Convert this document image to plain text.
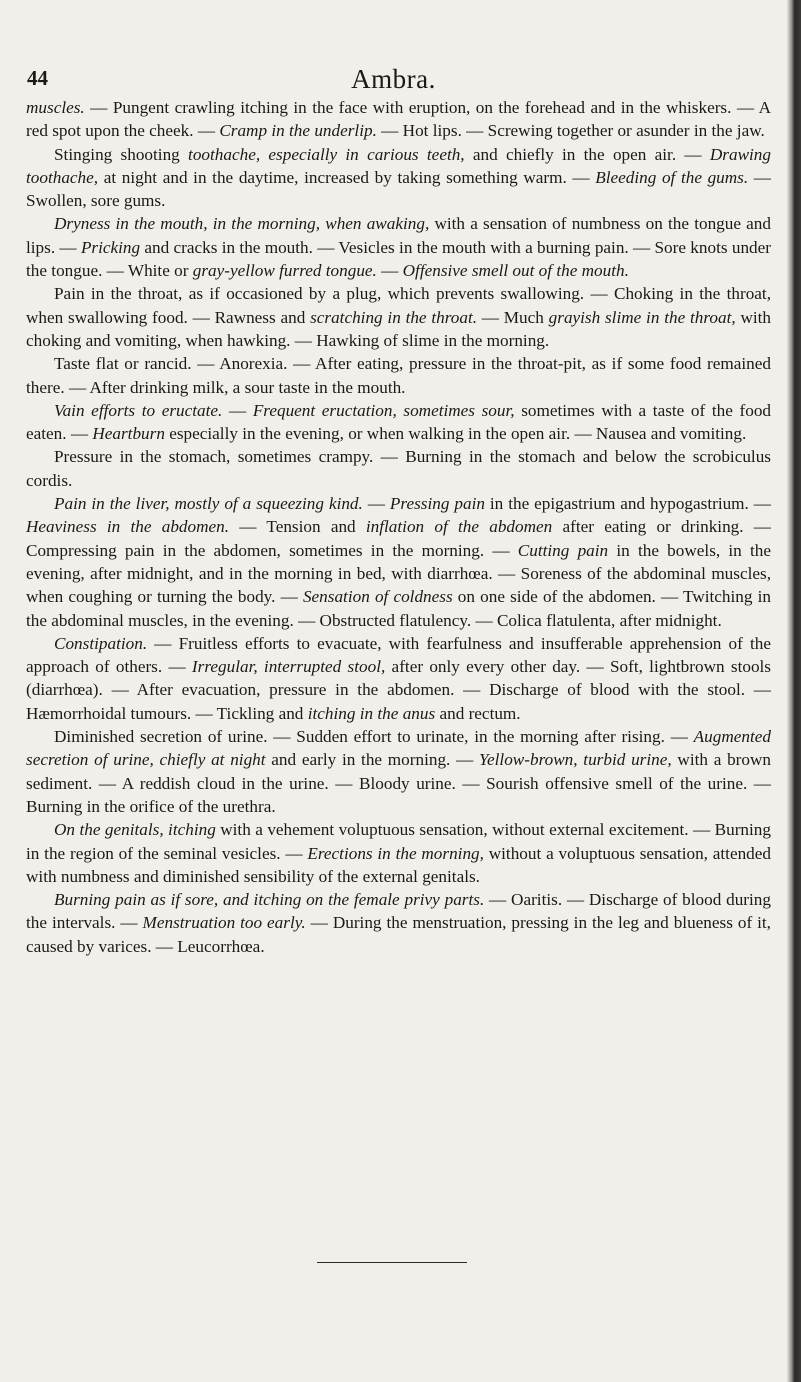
44	Ambra.

muscles. — Pungent crawling itching in the face with eruption, on the forehead and in the whiskers. — A red spot upon the cheek. — Cramp in the underlip. — Hot lips. — Screwing together or asunder in the jaw.

Stinging shooting toothache, especially in carious teeth, and chiefly in the open air. — Drawing toothache, at night and in the daytime, increased by taking something warm. — Bleeding of the gums. — Swollen, sore gums.

Dryness in the mouth, in the morning, when awaking, with a sensation of numbness on the tongue and lips. — Pricking and cracks in the mouth. — Vesicles in the mouth with a burning pain. — Sore knots under the tongue. — White or gray-yellow furred tongue. — Offensive smell out of the mouth.

Pain in the throat, as if occasioned by a plug, which prevents swallowing. — Choking in the throat, when swallowing food. — Rawness and scratching in the throat. — Much grayish slime in the throat, with choking and vomiting, when hawking. — Hawking of slime in the morning.

Taste flat or rancid. — Anorexia. — After eating, pressure in the throat-pit, as if some food remained there. — After drinking milk, a sour taste in the mouth.

Vain efforts to eructate. — Frequent eructation, sometimes sour, sometimes with a taste of the food eaten. — Heartburn especially in the evening, or when walking in the open air. — Nausea and vomiting.

Pressure in the stomach, sometimes crampy. — Burning in the stomach and below the scrobiculus cordis.

Pain in the liver, mostly of a squeezing kind. — Pressing pain in the epigastrium and hypogastrium. — Heaviness in the abdomen. — Tension and inflation of the abdomen after eating or drinking. — Compressing pain in the abdomen, sometimes in the morning. — Cutting pain in the bowels, in the evening, after midnight, and in the morning in bed, with diarrhœa. — Soreness of the abdominal muscles, when coughing or turning the body. — Sensation of coldness on one side of the abdomen. — Twitching in the abdominal muscles, in the evening. — Obstructed flatulency. — Colica flatulenta, after midnight.

Constipation. — Fruitless efforts to evacuate, with fearfulness and insufferable apprehension of the approach of others. — Irregular, interrupted stool, after only every other day. — Soft, lightbrown stools (diarrhœa). — After evacuation, pressure in the abdomen. — Discharge of blood with the stool. — Hæmorrhoidal tumours. — Tickling and itching in the anus and rectum.

Diminished secretion of urine. — Sudden effort to urinate, in the morning after rising. — Augmented secretion of urine, chiefly at night and early in the morning. — Yellow-brown, turbid urine, with a brown sediment. — A reddish cloud in the urine. — Bloody urine. — Sourish offensive smell of the urine. — Burning in the orifice of the urethra.

On the genitals, itching with a vehement voluptuous sensation, without external excitement. — Burning in the region of the seminal vesicles. — Erections in the morning, without a voluptuous sensation, attended with numbness and diminished sensibility of the external genitals.

Burning pain as if sore, and itching on the female privy parts. — Oaritis. — Discharge of blood during the intervals. — Menstruation too early. — During the menstruation, pressing in the leg and blueness of it, caused by varices. — Leucorrhœa.
